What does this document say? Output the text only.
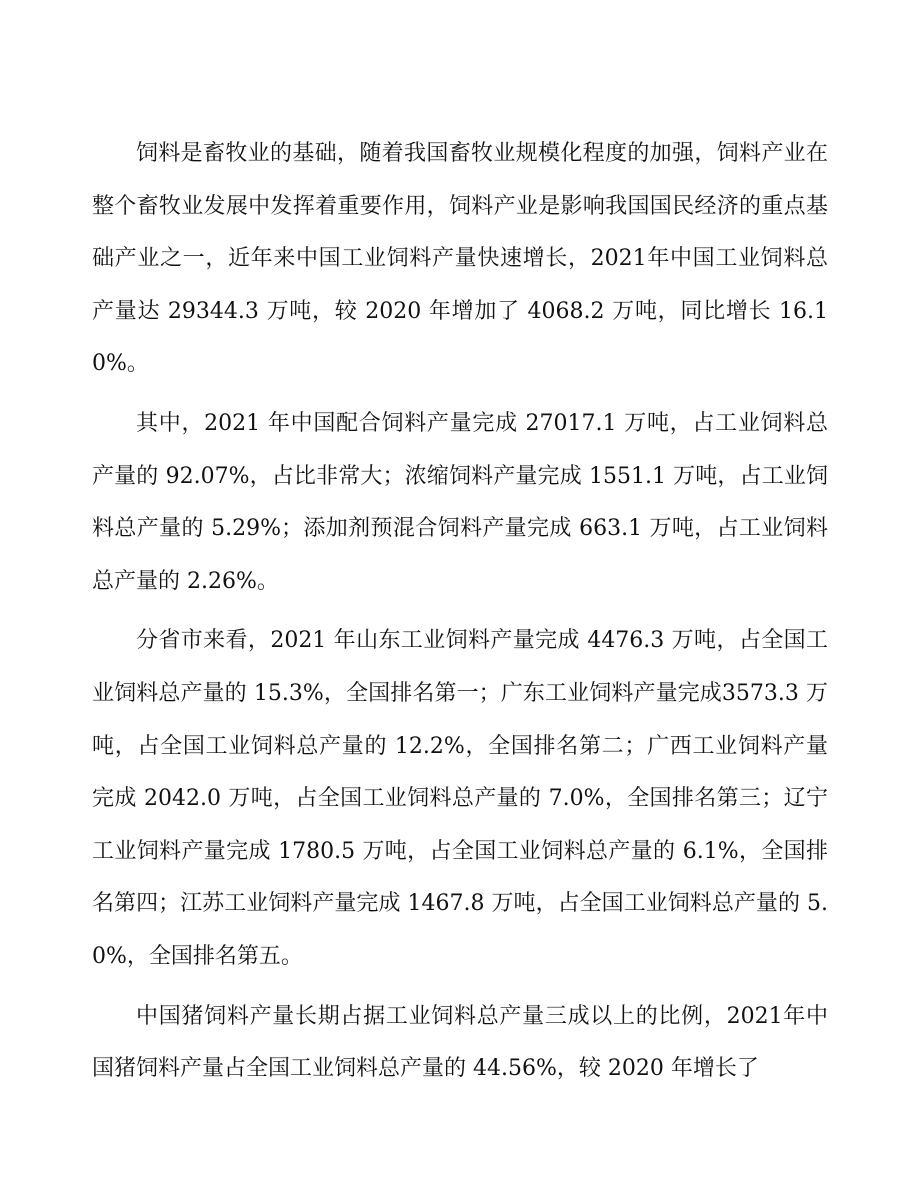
饲料是畜牧业的基础，随着我国畜牧业规模化程度的加强，饲料产业在整个畜牧业发展中发挥着重要作用，饲料产业是影响我国国民经济的重点基础产业之一，近年来中国工业饲料产量快速增长，2021年中国工业饲料总产量达 29344.3 万吨，较 2020 年增加了 4068.2 万吨，同比增长 16.10%。

其中，2021 年中国配合饲料产量完成 27017.1 万吨，占工业饲料总产量的 92.07%，占比非常大；浓缩饲料产量完成 1551.1 万吨，占工业饲料总产量的 5.29%；添加剂预混合饲料产量完成 663.1 万吨，占工业饲料总产量的 2.26%。

分省市来看，2021 年山东工业饲料产量完成 4476.3 万吨，占全国工业饲料总产量的 15.3%，全国排名第一；广东工业饲料产量完成3573.3 万吨，占全国工业饲料总产量的 12.2%，全国排名第二；广西工业饲料产量完成 2042.0 万吨，占全国工业饲料总产量的 7.0%，全国排名第三；辽宁工业饲料产量完成 1780.5 万吨，占全国工业饲料总产量的 6.1%，全国排名第四；江苏工业饲料产量完成 1467.8 万吨，占全国工业饲料总产量的 5.0%，全国排名第五。

中国猪饲料产量长期占据工业饲料总产量三成以上的比例，2021年中国猪饲料产量占全国工业饲料总产量的 44.56%，较 2020 年增长了
